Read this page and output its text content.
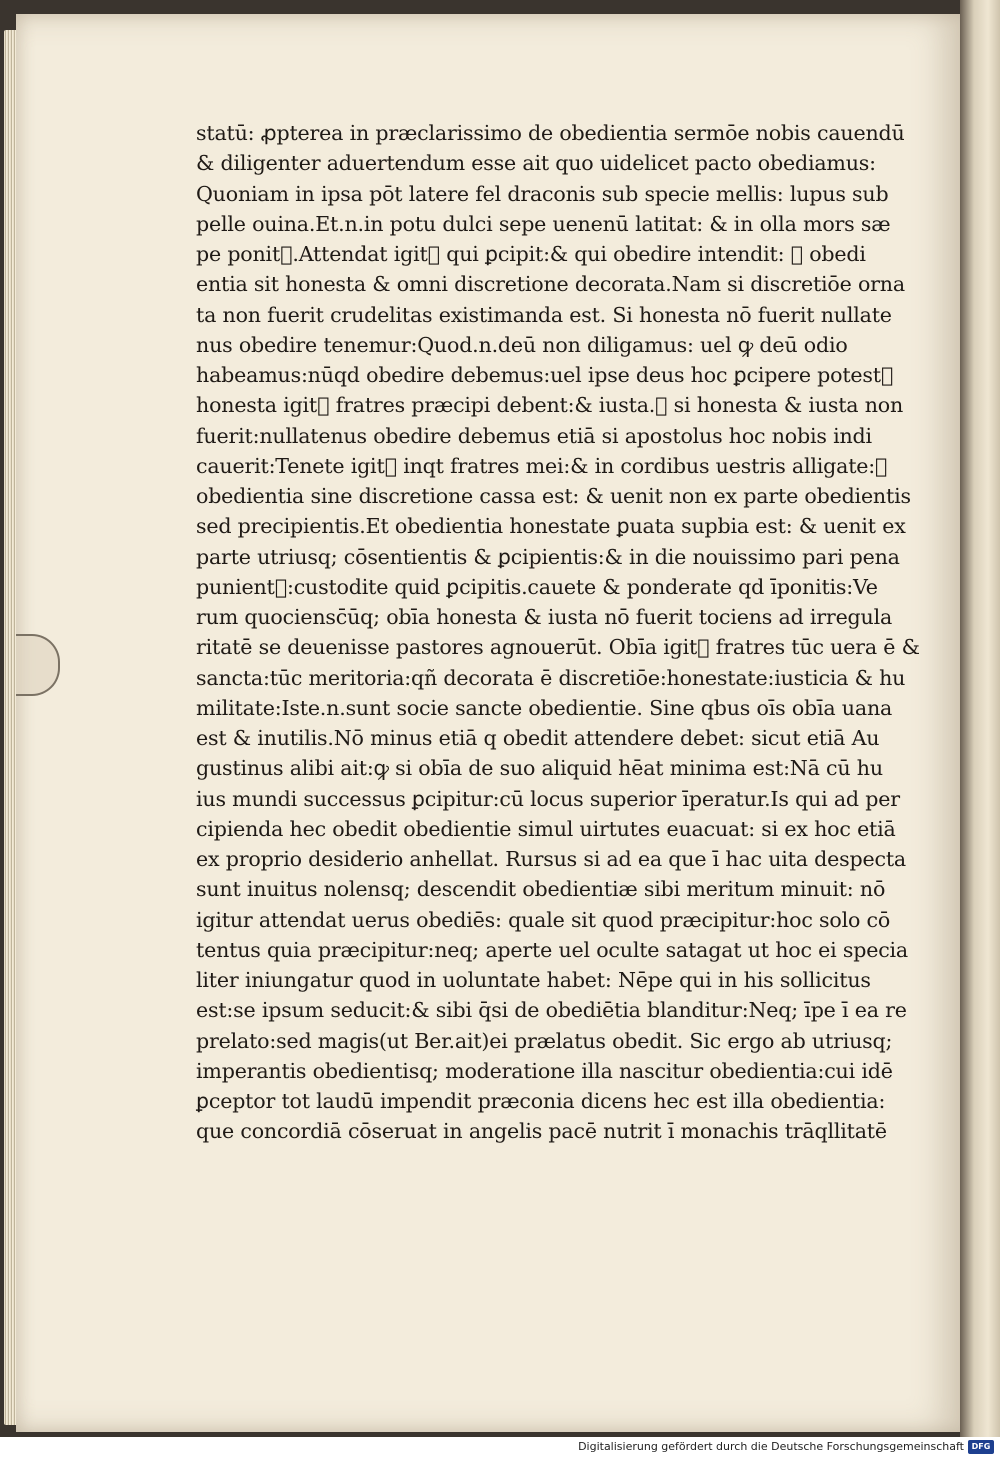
statū: ꝓpterea in præclarissimo de obedientia sermōe nobis cauendū
& diligenter aduertendum esse ait quo uidelicet pacto obediamus:
Quoniam in ipsa pōt latere fel draconis sub specie mellis: lupus sub
pelle ouina.Et.n.in potu dulci sepe uenenū latitat: & in olla mors sæ
pe ponit᷑.Attendat igit᷑ qui ꝑcipit:& qui obedire intendit: ꝙ obedi
entia sit honesta & omni discretione decorata.Nam si discretiōe orna
ta non fuerit crudelitas existimanda est. Si honesta nō fuerit nullate
nus obedire tenemur:Quod.n.deū non diligamus: uel ꝙ deū odio
habeamus:nūqd obedire debemus:uel ipse deus hoc ꝑcipere potest᷑
honesta igit᷑ fratres præcipi debent:& iusta.ꝙ si honesta & iusta non
fuerit:nullatenus obedire debemus etiā si apostolus hoc nobis indi
cauerit:Tenete igit᷑ inqt fratres mei:& in cordibus uestris alligate:ꝙ
obedientia sine discretione cassa est: & uenit non ex parte obedientis
sed precipientis.Et obedientia honestate ꝑuata supbia est: & uenit ex
parte utriusq; cōsentientis & ꝑcipientis:& in die nouissimo pari pena
punient᷑:custodite quid ꝑcipitis.cauete & ponderate qd īponitis:Ve
rum quociensc̄ūq; obīa honesta & iusta nō fuerit tociens ad irregula
ritatē se deuenisse pastores agnouerūt. Obīa igit᷑ fratres tūc uera ē &
sancta:tūc meritoria:qñ decorata ē discretiōe:honestate:iusticia & hu
militate:Iste.n.sunt socie sancte obedientie. Sine qbus oīs obīa uana
est & inutilis.Nō minus etiā q obedit attendere debet: sicut etiā Au
gustinus alibi ait:ꝙ si obīa de suo aliquid hēat minima est:Nā cū hu
ius mundi successus ꝑcipitur:cū locus superior īperatur.Is qui ad per
cipienda hec obedit obedientie simul uirtutes euacuat: si ex hoc etiā
ex proprio desiderio anhellat. Rursus si ad ea que ī hac uita despecta
sunt inuitus nolensq; descendit obedientiæ sibi meritum minuit: nō
igitur attendat uerus obediēs: quale sit quod præcipitur:hoc solo cō
tentus quia præcipitur:neq; aperte uel oculte satagat ut hoc ei specia
liter iniungatur quod in uoluntate habet: Nēpe qui in his sollicitus
est:se ipsum seducit:& sibi q̄si de obediētia blanditur:Neq; īpe ī ea re
prelato:sed magis(ut Ber.ait)ei prælatus obedit. Sic ergo ab utriusq;
imperantis obedientisq; moderatione illa nascitur obedientia:cui idē
ꝑceptor tot laudū impendit præconia dicens hec est illa obedientia:
que concordiā cōseruat in angelis pacē nutrit ī monachis trāqllitatē
Digitalisierung gefördert durch die Deutsche Forschungsgemeinschaft DFG
